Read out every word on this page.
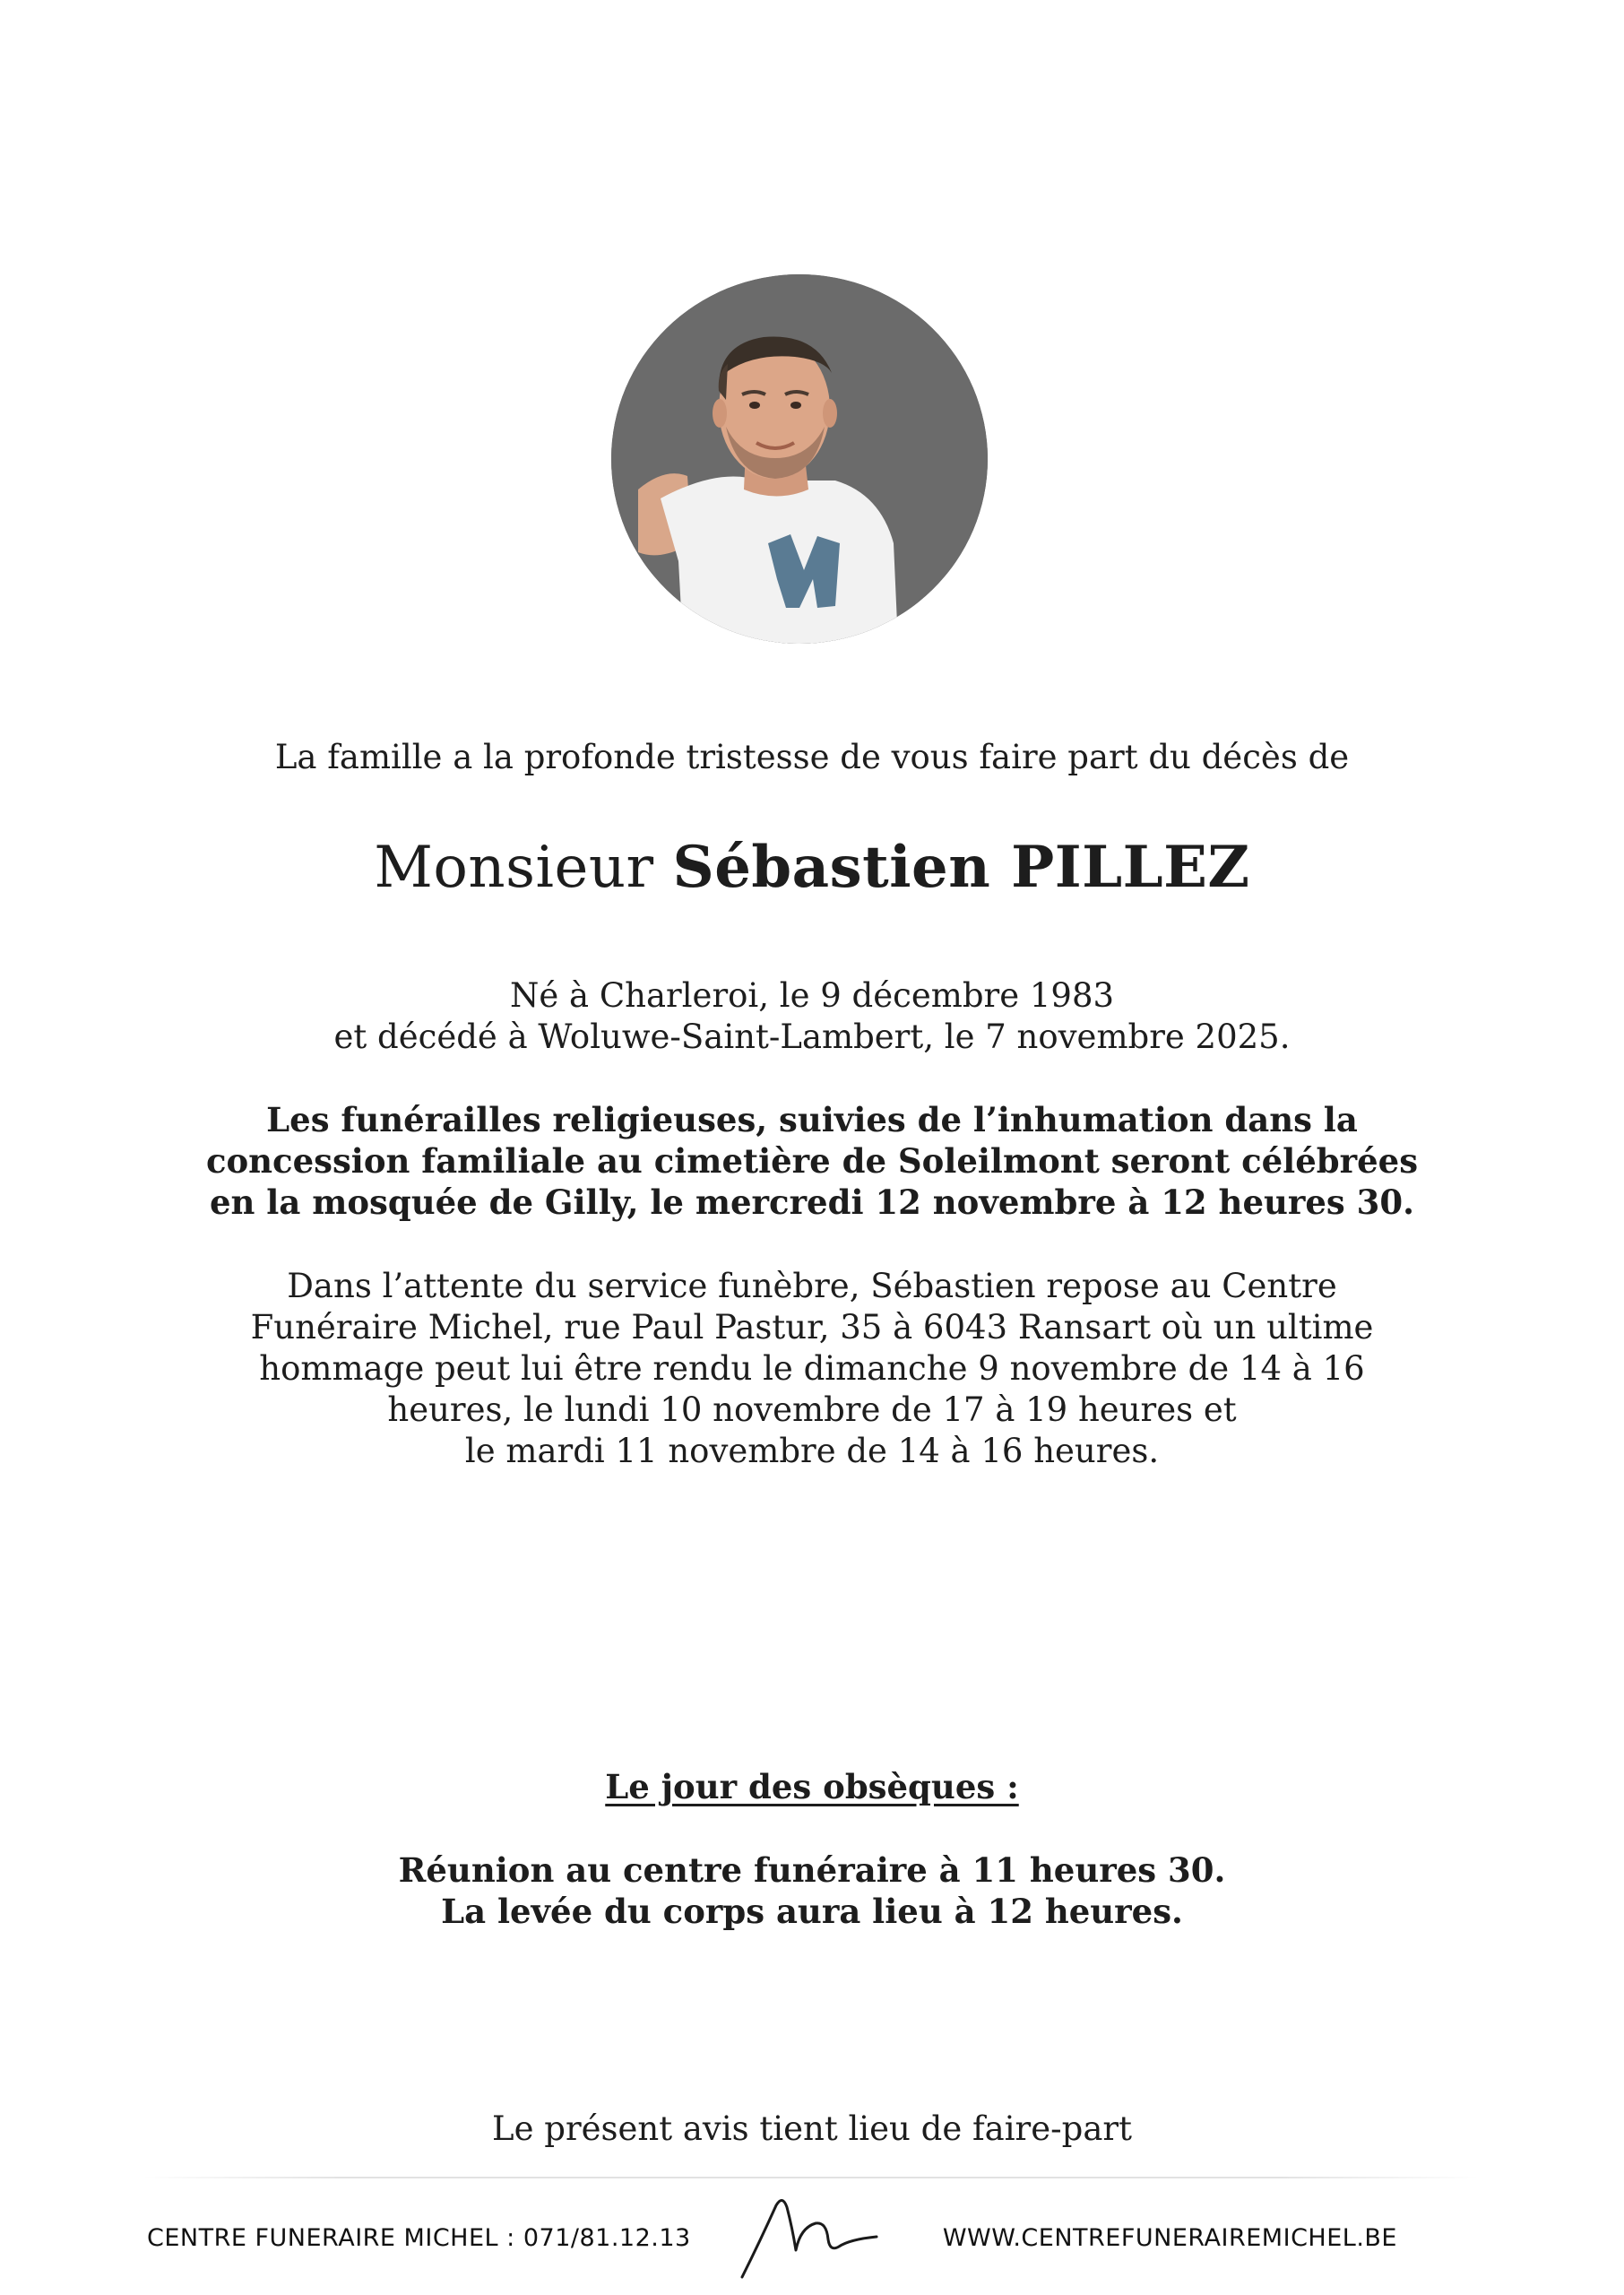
La famille a la profonde tristesse de vous faire part du décès de
Monsieur Sébastien PILLEZ
Né à Charleroi, le 9 décembre 1983
et décédé à Woluwe-Saint-Lambert, le 7 novembre 2025.
Les funérailles religieuses, suivies de l’inhumation dans la
concession familiale au cimetière de Soleilmont seront célébrées
en la mosquée de Gilly, le mercredi 12 novembre à 12 heures 30.
Dans l’attente du service funèbre, Sébastien repose au Centre
Funéraire Michel, rue Paul Pastur, 35 à 6043 Ransart où un ultime
hommage peut lui être rendu le dimanche 9 novembre de 14 à 16
heures, le lundi 10 novembre de 17 à 19 heures et
le mardi 11 novembre de 14 à 16 heures.
Le jour des obsèques :
Réunion au centre funéraire à 11 heures 30.
La levée du corps aura lieu à 12 heures.
Le présent avis tient lieu de faire-part
CENTRE FUNERAIRE MICHEL : 071/81.12.13	WWW.CENTREFUNERAIREMICHEL.BE
